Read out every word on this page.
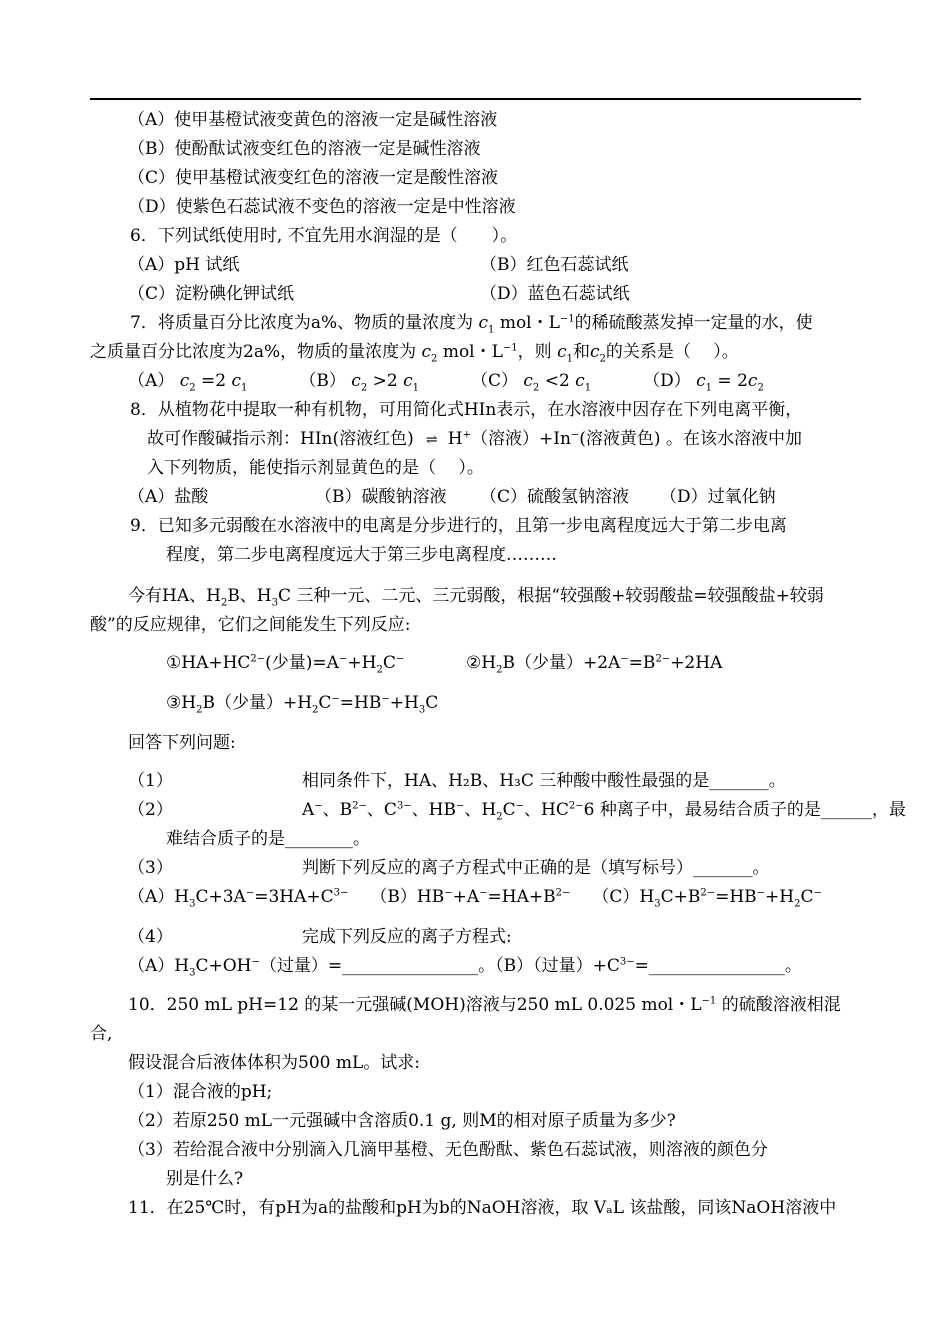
（A）使甲基橙试液变黄色的溶液一定是碱性溶液
（B）使酚酞试液变红色的溶液一定是碱性溶液
（C）使甲基橙试液变红色的溶液一定是酸性溶液
（D）使紫色石蕊试液不变色的溶液一定是中性溶液
6．下列试纸使用时, 不宜先用水润湿的是（　　）。
（A）pH 试纸	（B）红色石蕊试纸
（C）淀粉碘化钾试纸	（D）蓝色石蕊试纸
7．将质量百分比浓度为a%、物质的量浓度为 $c_1$ mol・$L^{-1}$的稀硫酸蒸发掉一定量的水，使
之质量百分比浓度为2a%，物质的量浓度为 $c_2$ mol・$L^{-1}$，则 $c_1$和$c_2$的关系是（　 ）。
（A） $c_2 =2$ $c_1$	（B） $c_2 >2$ $c_1$	（C） $c_2 <2$ $c_1$	（D） $c_1 = 2c_2$
8．从植物花中提取一种有机物，可用简化式HIn表示，在水溶液中因存在下列电离平衡，
故可作酸碱指示剂：HIn(溶液红色) ⇌ H+（溶液）+In−(溶液黄色) 。在该水溶液中加
入下列物质，能使指示剂显黄色的是（　 ）。
（A）盐酸	（B）碳酸钠溶液 （C）硫酸氢钠溶液 （D）过氧化钠
9．已知多元弱酸在水溶液中的电离是分步进行的，且第一步电离程度远大于第二步电离
程度，第二步电离程度远大于第三步电离程度………
今有HA、$H_2B$、$H_3C$ 三种一元、二元、三元弱酸，根据“较强酸+较弱酸盐=较强酸盐+较弱
酸”的反应规律，它们之间能发生下列反应:
$①HA+HC^{2-}$(少量)$=A^-+H_2C^-$	$②H_2B$（少量）$+2A^-=B^{2-}+2HA$
$③H_2B$（少量）$+H_2C^-=HB^-+H_3C$
回答下列问题:
（1）	相同条件下，HA、H₂B、H₃C 三种酸中酸性最强的是_______。
（2）	A−、$B^{2-}$、$C^{3-}$、HB−、$H_2C^-$、$HC^{2-}6$ 种离子中，最易结合质子的是______，最
难结合质子的是________。
（3）	判断下列反应的离子方程式中正确的是（填写标号）_______。
$(A)H_3C+3A^-=3HA+C^{3-}$ $(B)HB^-+A^-=HA+B^{2-}$ $(C)H_3C+B^{2-}=HB^-+H_2C^-$
（4）	完成下列反应的离子方程式:
$(A)H_3C+OH^-$（过量）=________________。（B）（过量）$+C^{3-}=\_\_\_\_\_\_\_\_\_\_\_\_\_\_\_\_$。
10．250 mL pH=12 的某一元强碱(MOH)溶液与250 mL 0.025 mol・$L^{-1}$ 的硫酸溶液相混
合,
假设混合后液体体积为500 mL。试求:
（1）混合液的pH;
（2）若原250 mL一元强碱中含溶质0.1 g, 则M的相对原子质量为多少?
（3）若给混合液中分别滴入几滴甲基橙、无色酚酞、紫色石蕊试液，则溶液的颜色分
别是什么?
11．在25℃时，有pH为a的盐酸和pH为b的NaOH溶液，取 VₐL 该盐酸，同该NaOH溶液中
